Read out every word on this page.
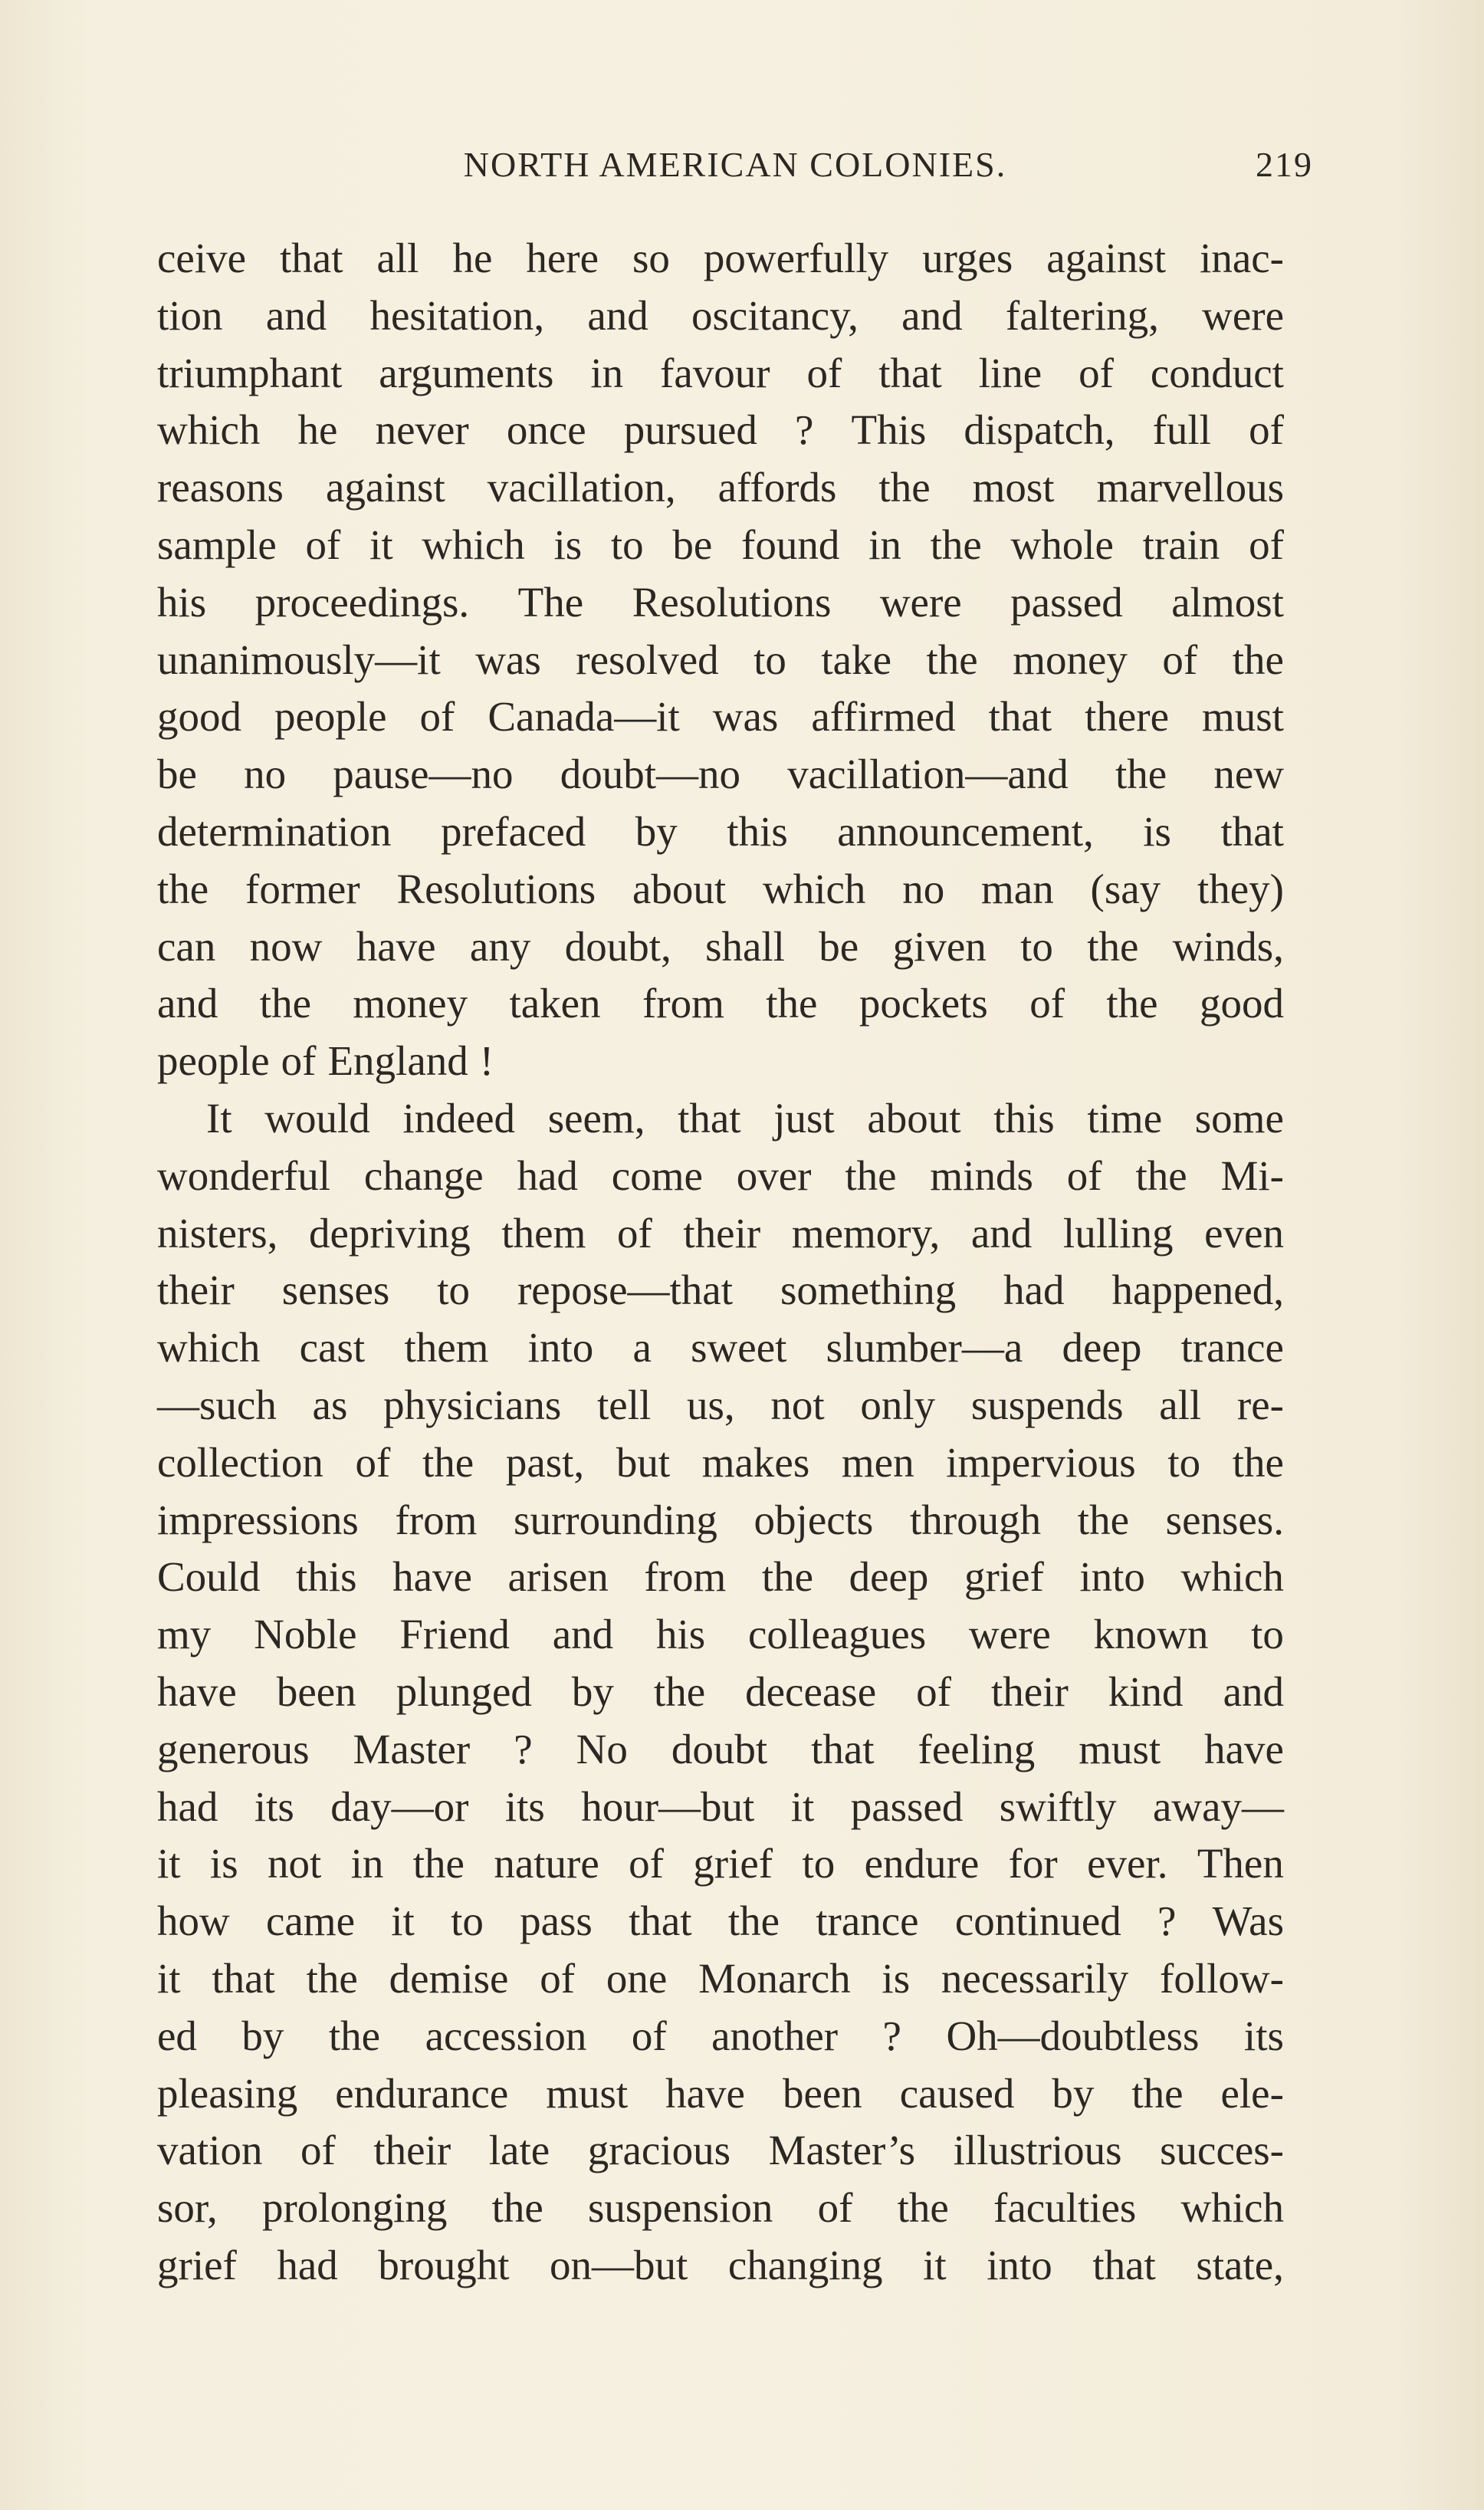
NORTH AMERICAN COLONIES.	219
ceive that all he here so powerfully urges against inac-
tion and hesitation, and oscitancy, and faltering, were
triumphant arguments in favour of that line of conduct
which he never once pursued ? This dispatch, full of
reasons against vacillation, affords the most marvellous
sample of it which is to be found in the whole train of
his proceedings. The Resolutions were passed almost
unanimously—it was resolved to take the money of the
good people of Canada—it was affirmed that there must
be no pause—no doubt—no vacillation—and the new
determination prefaced by this announcement, is that
the former Resolutions about which no man (say they)
can now have any doubt, shall be given to the winds,
and the money taken from the pockets of the good
people of England !
It would indeed seem, that just about this time some
wonderful change had come over the minds of the Mi-
nisters, depriving them of their memory, and lulling even
their senses to repose—that something had happened,
which cast them into a sweet slumber—a deep trance
—such as physicians tell us, not only suspends all re-
collection of the past, but makes men impervious to the
impressions from surrounding objects through the senses.
Could this have arisen from the deep grief into which
my Noble Friend and his colleagues were known to
have been plunged by the decease of their kind and
generous Master ? No doubt that feeling must have
had its day—or its hour—but it passed swiftly away—
it is not in the nature of grief to endure for ever. Then
how came it to pass that the trance continued ? Was
it that the demise of one Monarch is necessarily follow-
ed by the accession of another ? Oh—doubtless its
pleasing endurance must have been caused by the ele-
vation of their late gracious Master’s illustrious succes-
sor, prolonging the suspension of the faculties which
grief had brought on—but changing it into that state,
